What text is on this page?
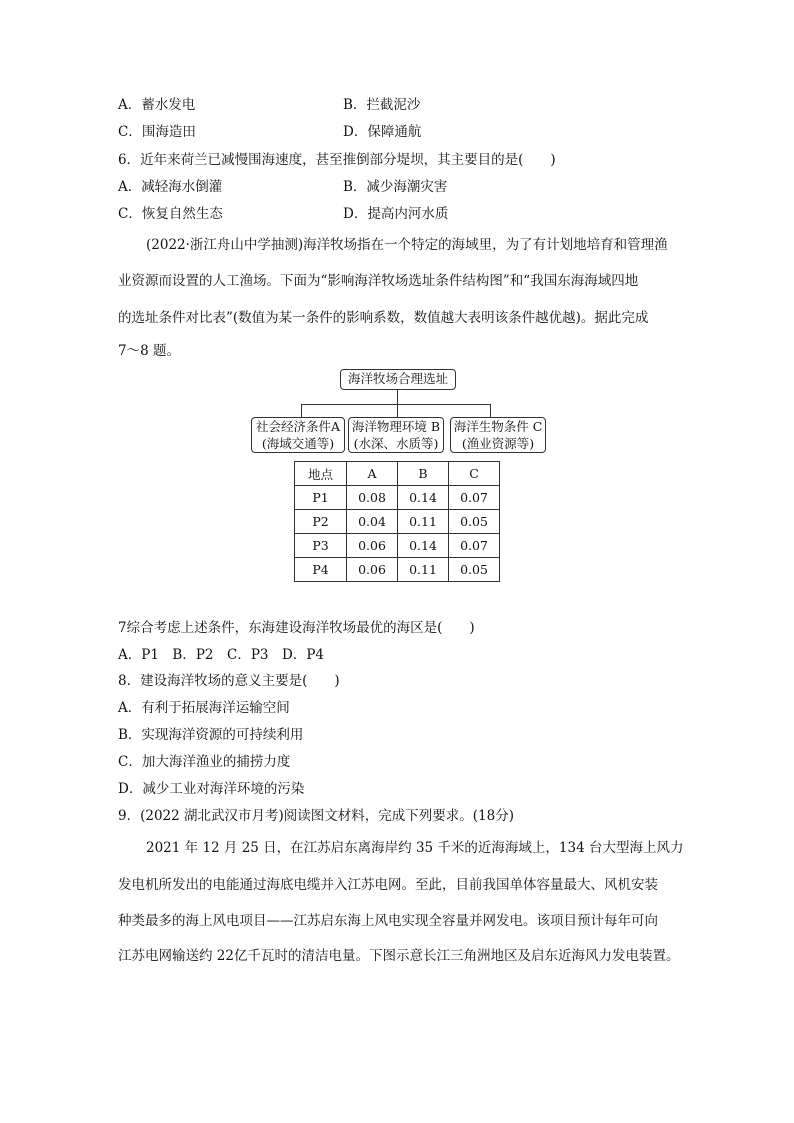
A．蓄水发电	B．拦截泥沙
C．围海造田	D．保障通航
6．近年来荷兰已减慢围海速度，甚至推倒部分堤坝，其主要目的是(　　)
A．减轻海水倒灌	B．减少海潮灾害
C．恢复自然生态	D．提高内河水质
(2022·浙江舟山中学抽测)海洋牧场指在一个特定的海域里，为了有计划地培育和管理渔
业资源而设置的人工渔场。下面为“影响海洋牧场选址条件结构图”和“我国东海海域四地
的选址条件对比表”(数值为某一条件的影响系数，数值越大表明该条件越优越)。据此完成
7～8 题。
海洋牧场合理选址
社会经济条件A
(海域交通等)
海洋物理环境 B
(水深、水质等)
海洋生物条件 C
(渔业资源等)
地点	A	B	C
P1	0.08	0.14	0.07
P2	0.04	0.11	0.05
P3	0.06	0.14	0.07
P4	0.06	0.11	0.05
7综合考虑上述条件，东海建设海洋牧场最优的海区是(　　)
A．P1　B．P2　C．P3　D．P4
8．建设海洋牧场的意义主要是(　　)
A．有利于拓展海洋运输空间
B．实现海洋资源的可持续利用
C．加大海洋渔业的捕捞力度
D．减少工业对海洋环境的污染
9．(2022 湖北武汉市月考)阅读图文材料，完成下列要求。(18分)
2021 年 12 月 25 日，在江苏启东离海岸约 35 千米的近海海域上，134 台大型海上风力
发电机所发出的电能通过海底电缆并入江苏电网。至此，目前我国单体容量最大、风机安装
种类最多的海上风电项目——江苏启东海上风电实现全容量并网发电。该项目预计每年可向
江苏电网输送约 22亿千瓦时的清洁电量。下图示意长江三角洲地区及启东近海风力发电装置。
